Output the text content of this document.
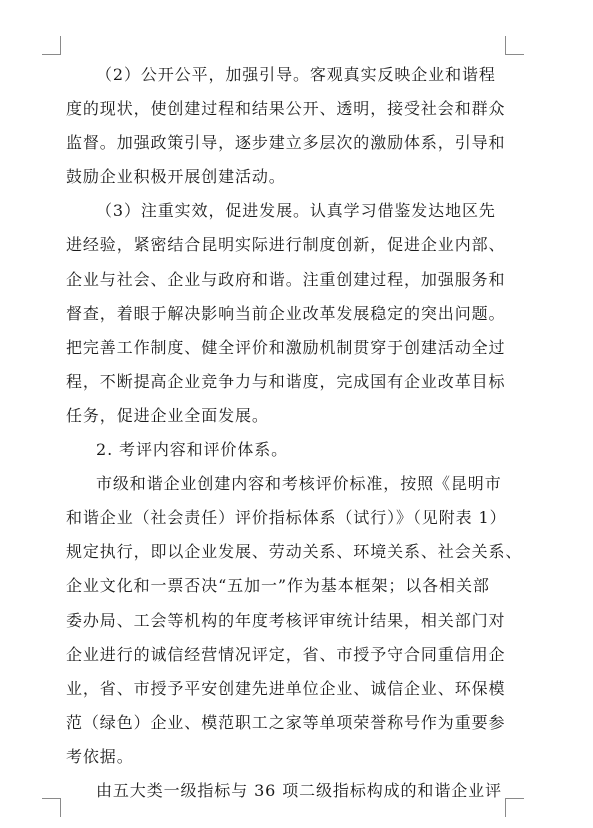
（2）公开公平，加强引导。客观真实反映企业和谐程
度的现状，使创建过程和结果公开、透明，接受社会和群众
监督。加强政策引导，逐步建立多层次的激励体系，引导和
鼓励企业积极开展创建活动。
（3）注重实效，促进发展。认真学习借鉴发达地区先
进经验，紧密结合昆明实际进行制度创新，促进企业内部、
企业与社会、企业与政府和谐。注重创建过程，加强服务和
督查，着眼于解决影响当前企业改革发展稳定的突出问题。
把完善工作制度、健全评价和激励机制贯穿于创建活动全过
程，不断提高企业竞争力与和谐度，完成国有企业改革目标
任务，促进企业全面发展。
2. 考评内容和评价体系。
市级和谐企业创建内容和考核评价标准，按照《昆明市
和谐企业（社会责任）评价指标体系（试行）》（见附表 1）
规定执行，即以企业发展、劳动关系、环境关系、社会关系、
企业文化和一票否决“五加一”作为基本框架；以各相关部
委办局、工会等机构的年度考核评审统计结果，相关部门对
企业进行的诚信经营情况评定，省、市授予守合同重信用企
业，省、市授予平安创建先进单位企业、诚信企业、环保模
范（绿色）企业、模范职工之家等单项荣誉称号作为重要参
考依据。
由五大类一级指标与 36 项二级指标构成的和谐企业评
